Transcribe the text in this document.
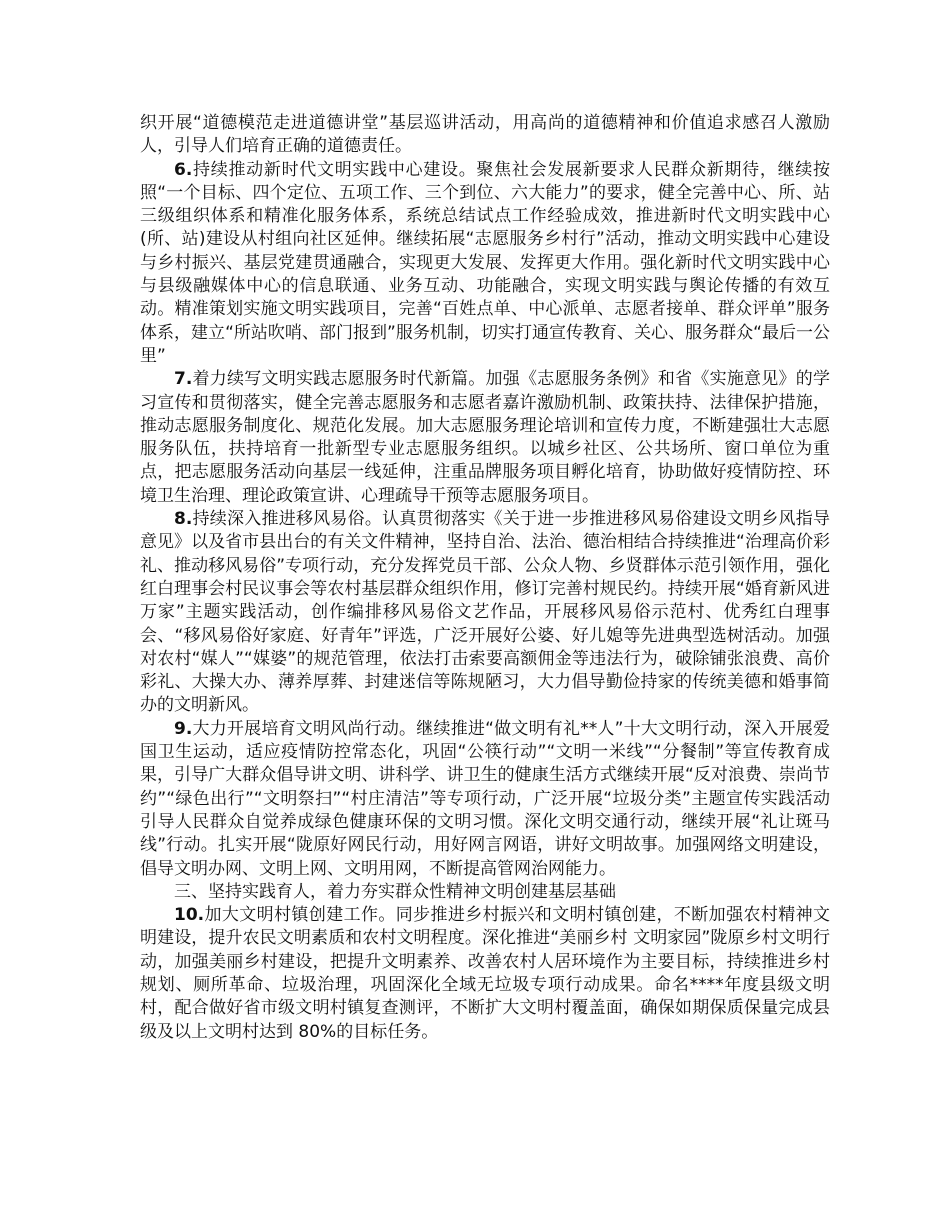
织开展“道德模范走进道德讲堂”基层巡讲活动，用高尚的道德精神和价值追求感召人激励人，引导人们培育正确的道德责任。

6.持续推动新时代文明实践中心建设。聚焦社会发展新要求人民群众新期待，继续按照“一个目标、四个定位、五项工作、三个到位、六大能力”的要求，健全完善中心、所、站三级组织体系和精准化服务体系，系统总结试点工作经验成效，推进新时代文明实践中心(所、站)建设从村组向社区延伸。继续拓展“志愿服务乡村行”活动，推动文明实践中心建设与乡村振兴、基层党建贯通融合，实现更大发展、发挥更大作用。强化新时代文明实践中心与县级融媒体中心的信息联通、业务互动、功能融合，实现文明实践与舆论传播的有效互动。精准策划实施文明实践项目，完善“百姓点单、中心派单、志愿者接单、群众评单”服务体系，建立“所站吹哨、部门报到”服务机制，切实打通宣传教育、关心、服务群众“最后一公里”

7.着力续写文明实践志愿服务时代新篇。加强《志愿服务条例》和省《实施意见》的学习宣传和贯彻落实，健全完善志愿服务和志愿者嘉许激励机制、政策扶持、法律保护措施，推动志愿服务制度化、规范化发展。加大志愿服务理论培训和宣传力度，不断建强壮大志愿服务队伍，扶持培育一批新型专业志愿服务组织。以城乡社区、公共场所、窗口单位为重点，把志愿服务活动向基层一线延伸，注重品牌服务项目孵化培育，协助做好疫情防控、环境卫生治理、理论政策宣讲、心理疏导干预等志愿服务项目。

8.持续深入推进移风易俗。认真贯彻落实《关于进一步推进移风易俗建设文明乡风指导意见》以及省市县出台的有关文件精神，坚持自治、法治、德治相结合持续推进“治理高价彩礼、推动移风易俗”专项行动，充分发挥党员干部、公众人物、乡贤群体示范引领作用，强化红白理事会村民议事会等农村基层群众组织作用，修订完善村规民约。持续开展“婚育新风进万家”主题实践活动，创作编排移风易俗文艺作品，开展移风易俗示范村、优秀红白理事会、“移风易俗好家庭、好青年”评选，广泛开展好公婆、好儿媳等先进典型选树活动。加强对农村“媒人”“媒婆”的规范管理，依法打击索要高额佣金等违法行为，破除铺张浪费、高价彩礼、大操大办、薄养厚葬、封建迷信等陈规陋习，大力倡导勤俭持家的传统美德和婚事简办的文明新风。

9.大力开展培育文明风尚行动。继续推进“做文明有礼**人”十大文明行动，深入开展爱国卫生运动，适应疫情防控常态化，巩固“公筷行动”“文明一米线”“分餐制”等宣传教育成果，引导广大群众倡导讲文明、讲科学、讲卫生的健康生活方式继续开展“反对浪费、崇尚节约”“绿色出行”“文明祭扫”“村庄清洁”等专项行动，广泛开展“垃圾分类”主题宣传实践活动引导人民群众自觉养成绿色健康环保的文明习惯。深化文明交通行动，继续开展“礼让斑马线”行动。扎实开展“陇原好网民行动，用好网言网语，讲好文明故事。加强网络文明建设，倡导文明办网、文明上网、文明用网，不断提高管网治网能力。

三、坚持实践育人，着力夯实群众性精神文明创建基层基础

10.加大文明村镇创建工作。同步推进乡村振兴和文明村镇创建，不断加强农村精神文明建设，提升农民文明素质和农村文明程度。深化推进“美丽乡村 文明家园”陇原乡村文明行动，加强美丽乡村建设，把提升文明素养、改善农村人居环境作为主要目标，持续推进乡村规划、厕所革命、垃圾治理，巩固深化全域无垃圾专项行动成果。命名****年度县级文明村，配合做好省市级文明村镇复查测评，不断扩大文明村覆盖面，确保如期保质保量完成县级及以上文明村达到 80%的目标任务。
